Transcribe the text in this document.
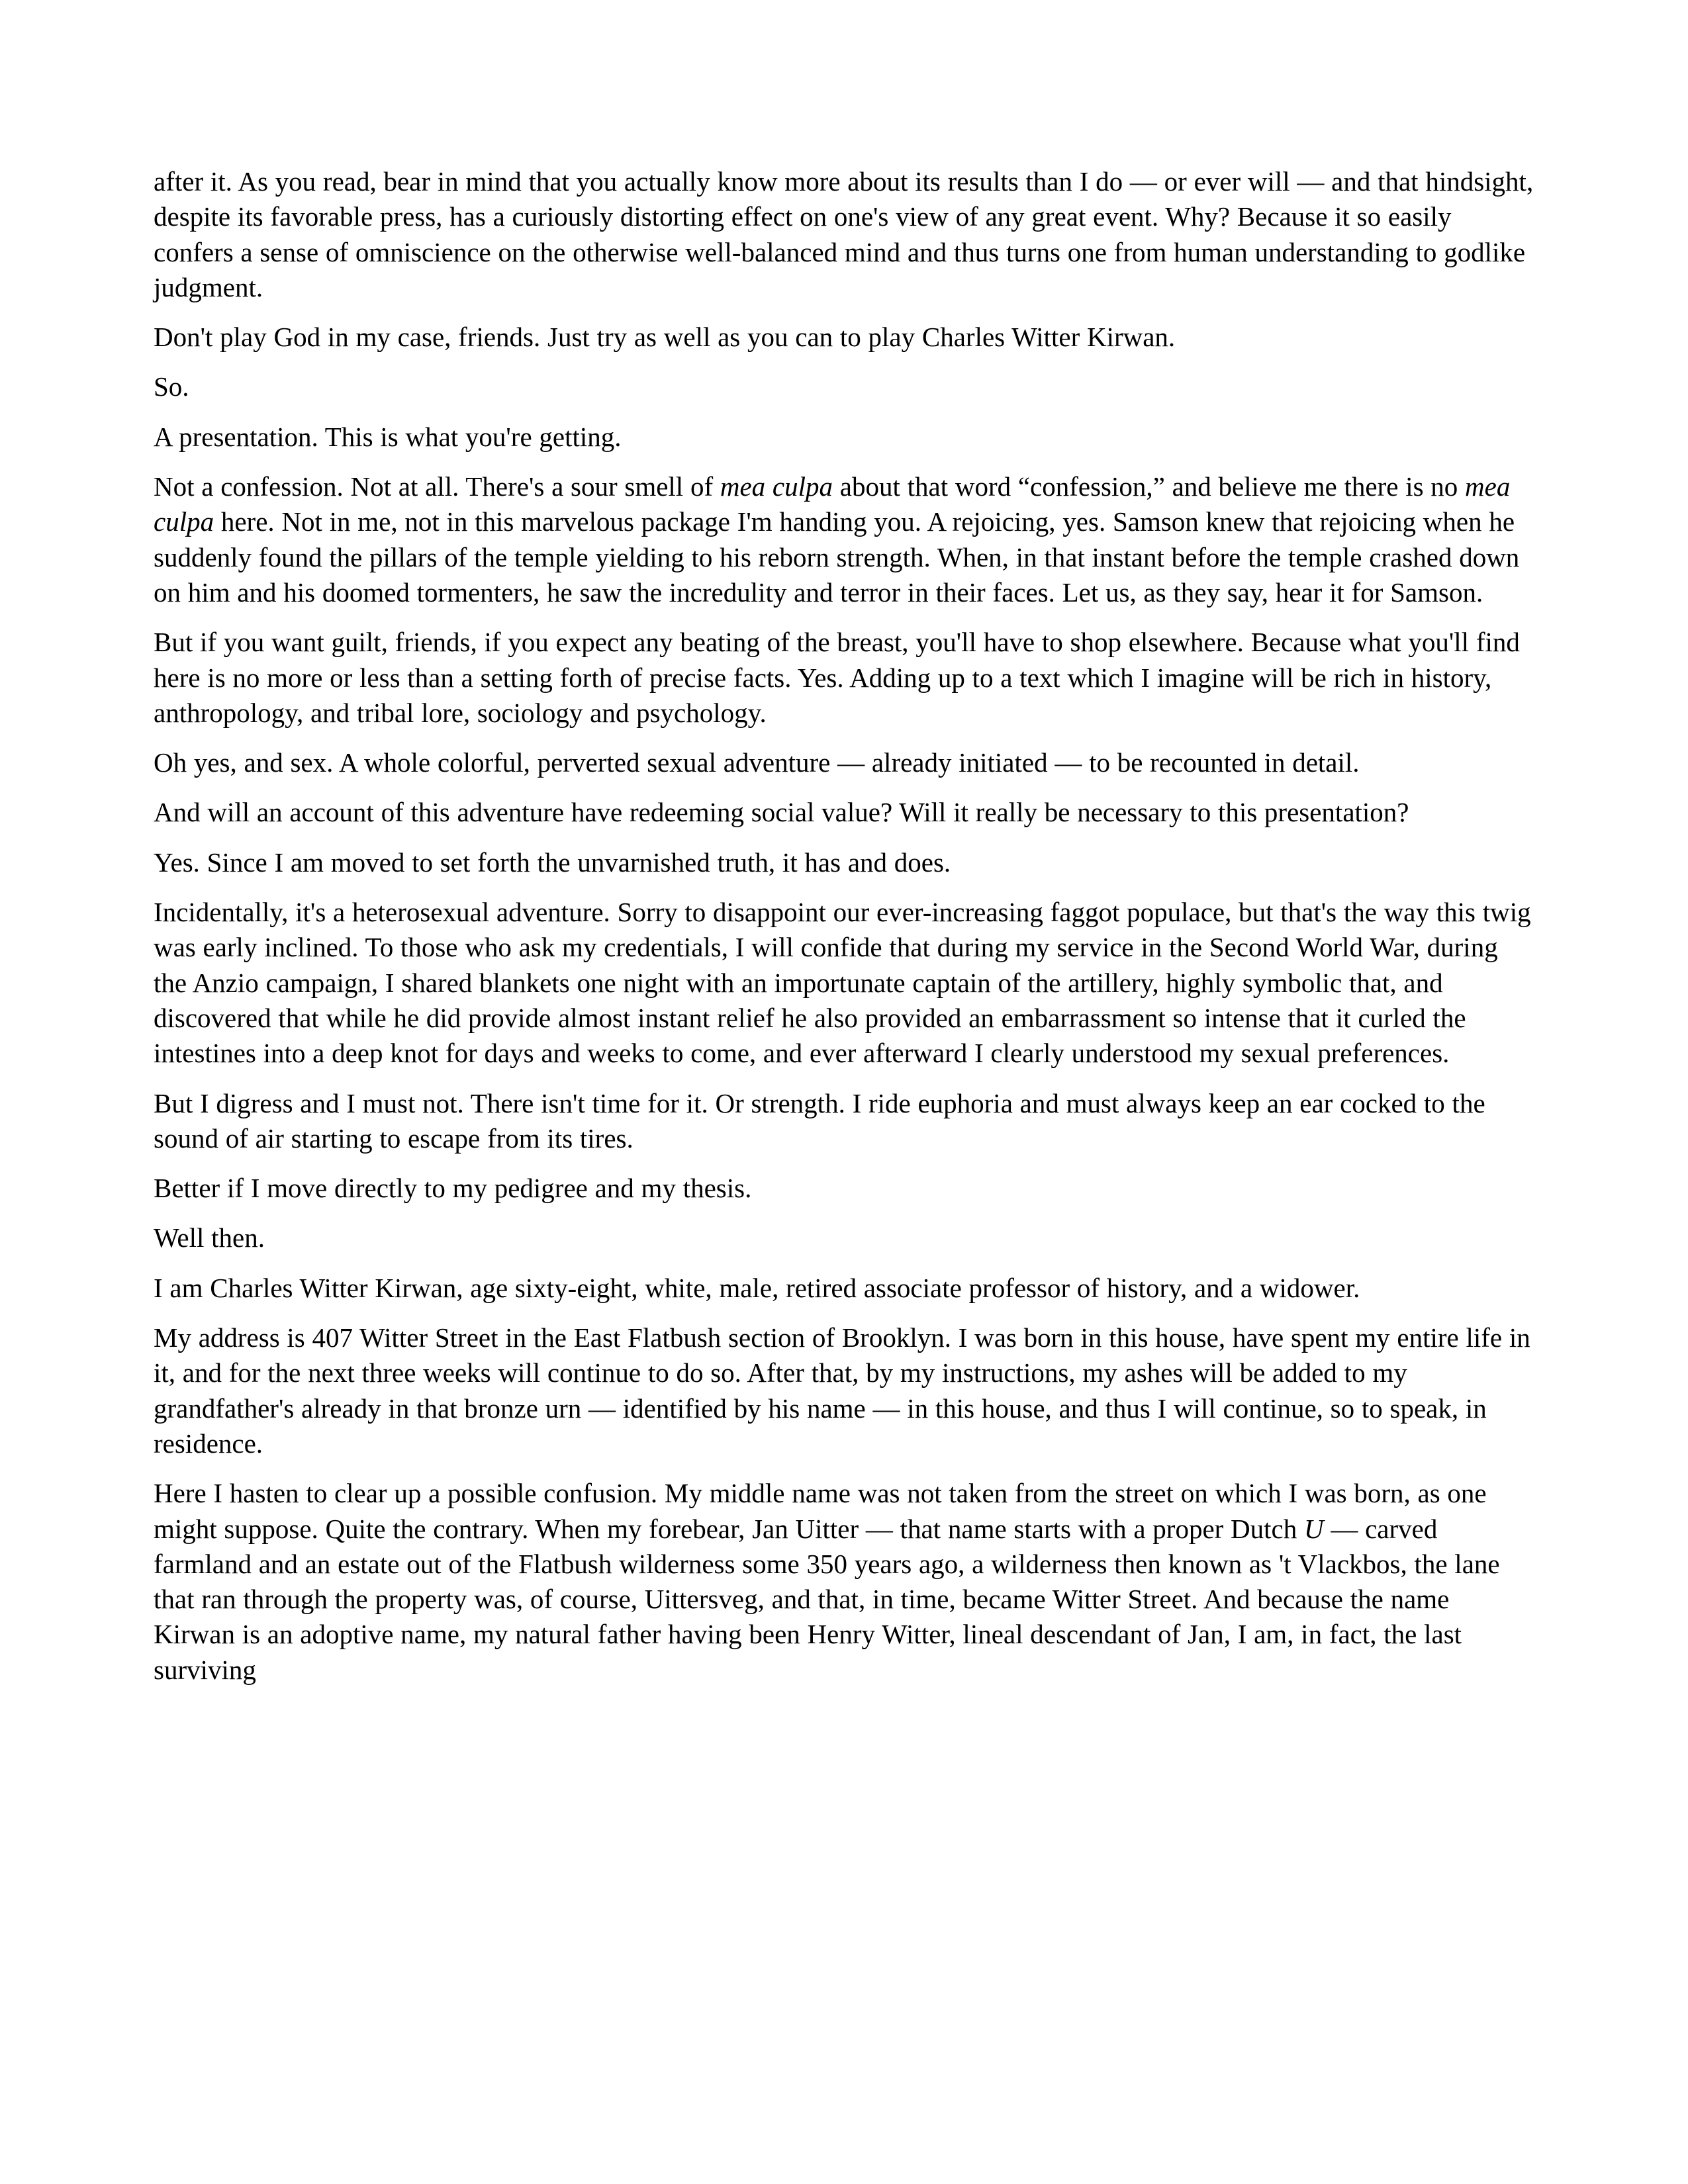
after it. As you read, bear in mind that you actually know more about its results than I do — or ever will — and that hindsight, despite its favorable press, has a curiously distorting effect on one's view of any great event. Why? Because it so easily confers a sense of omniscience on the otherwise well-balanced mind and thus turns one from human understanding to godlike judgment.

Don't play God in my case, friends. Just try as well as you can to play Charles Witter Kirwan.

So.

A presentation. This is what you're getting.

Not a confession. Not at all. There's a sour smell of mea culpa about that word “confession,” and believe me there is no mea culpa here. Not in me, not in this marvelous package I'm handing you. A rejoicing, yes. Samson knew that rejoicing when he suddenly found the pillars of the temple yielding to his reborn strength. When, in that instant before the temple crashed down on him and his doomed tormenters, he saw the incredulity and terror in their faces. Let us, as they say, hear it for Samson.

But if you want guilt, friends, if you expect any beating of the breast, you'll have to shop elsewhere. Because what you'll find here is no more or less than a setting forth of precise facts. Yes. Adding up to a text which I imagine will be rich in history, anthropology, and tribal lore, sociology and psychology.

Oh yes, and sex. A whole colorful, perverted sexual adventure — already initiated — to be recounted in detail.

And will an account of this adventure have redeeming social value? Will it really be necessary to this presentation?

Yes. Since I am moved to set forth the unvarnished truth, it has and does.

Incidentally, it's a heterosexual adventure. Sorry to disappoint our ever-increasing faggot populace, but that's the way this twig was early inclined. To those who ask my credentials, I will confide that during my service in the Second World War, during the Anzio campaign, I shared blankets one night with an importunate captain of the artillery, highly symbolic that, and discovered that while he did provide almost instant relief he also provided an embarrassment so intense that it curled the intestines into a deep knot for days and weeks to come, and ever afterward I clearly understood my sexual preferences.

But I digress and I must not. There isn't time for it. Or strength. I ride euphoria and must always keep an ear cocked to the sound of air starting to escape from its tires.

Better if I move directly to my pedigree and my thesis.

Well then.

I am Charles Witter Kirwan, age sixty-eight, white, male, retired associate professor of history, and a widower.

My address is 407 Witter Street in the East Flatbush section of Brooklyn. I was born in this house, have spent my entire life in it, and for the next three weeks will continue to do so. After that, by my instructions, my ashes will be added to my grandfather's already in that bronze urn — identified by his name — in this house, and thus I will continue, so to speak, in residence.

Here I hasten to clear up a possible confusion. My middle name was not taken from the street on which I was born, as one might suppose. Quite the contrary. When my forebear, Jan Uitter — that name starts with a proper Dutch U — carved farmland and an estate out of the Flatbush wilderness some 350 years ago, a wilderness then known as 't Vlackbos, the lane that ran through the property was, of course, Uittersveg, and that, in time, became Witter Street. And because the name Kirwan is an adoptive name, my natural father having been Henry Witter, lineal descendant of Jan, I am, in fact, the last surviving
